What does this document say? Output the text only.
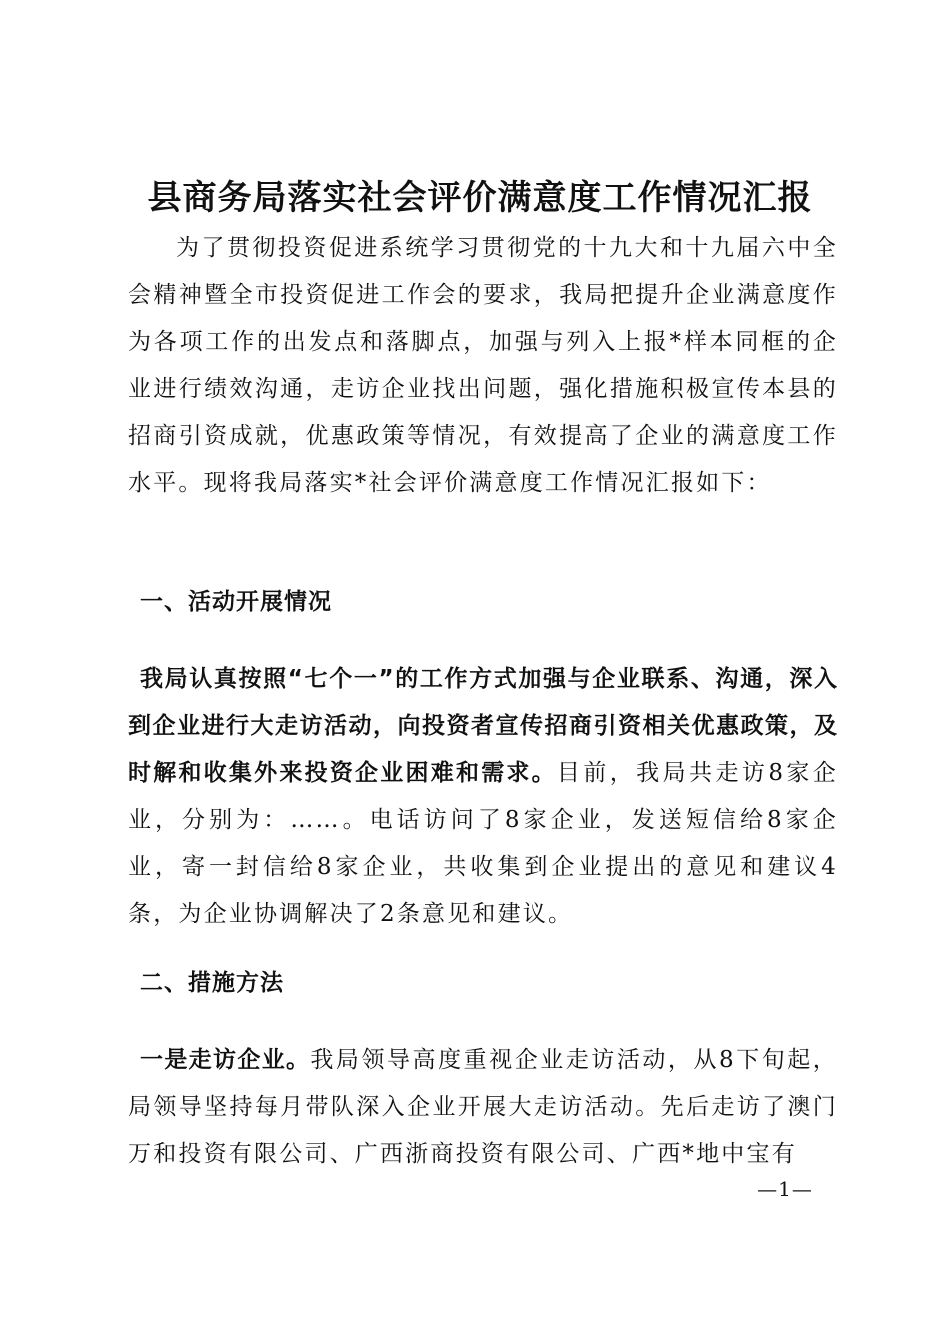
县商务局落实社会评价满意度工作情况汇报
为了贯彻投资促进系统学习贯彻党的十九大和十九届六中全会精神暨全市投资促进工作会的要求，我局把提升企业满意度作为各项工作的出发点和落脚点，加强与列入上报*样本同框的企业进行绩效沟通，走访企业找出问题，强化措施积极宣传本县的招商引资成就，优惠政策等情况，有效提高了企业的满意度工作水平。现将我局落实*社会评价满意度工作情况汇报如下：
一、活动开展情况
我局认真按照“七个一”的工作方式加强与企业联系、沟通，深入到企业进行大走访活动，向投资者宣传招商引资相关优惠政策，及时解和收集外来投资企业困难和需求。目前，我局共走访8家企业，分别为：……。电话访问了8家企业，发送短信给8家企业，寄一封信给8家企业，共收集到企业提出的意见和建议4条，为企业协调解决了2条意见和建议。
二、措施方法
一是走访企业。我局领导高度重视企业走访活动，从8下旬起，局领导坚持每月带队深入企业开展大走访活动。先后走访了澳门万和投资有限公司、广西浙商投资有限公司、广西*地中宝有
—1—
